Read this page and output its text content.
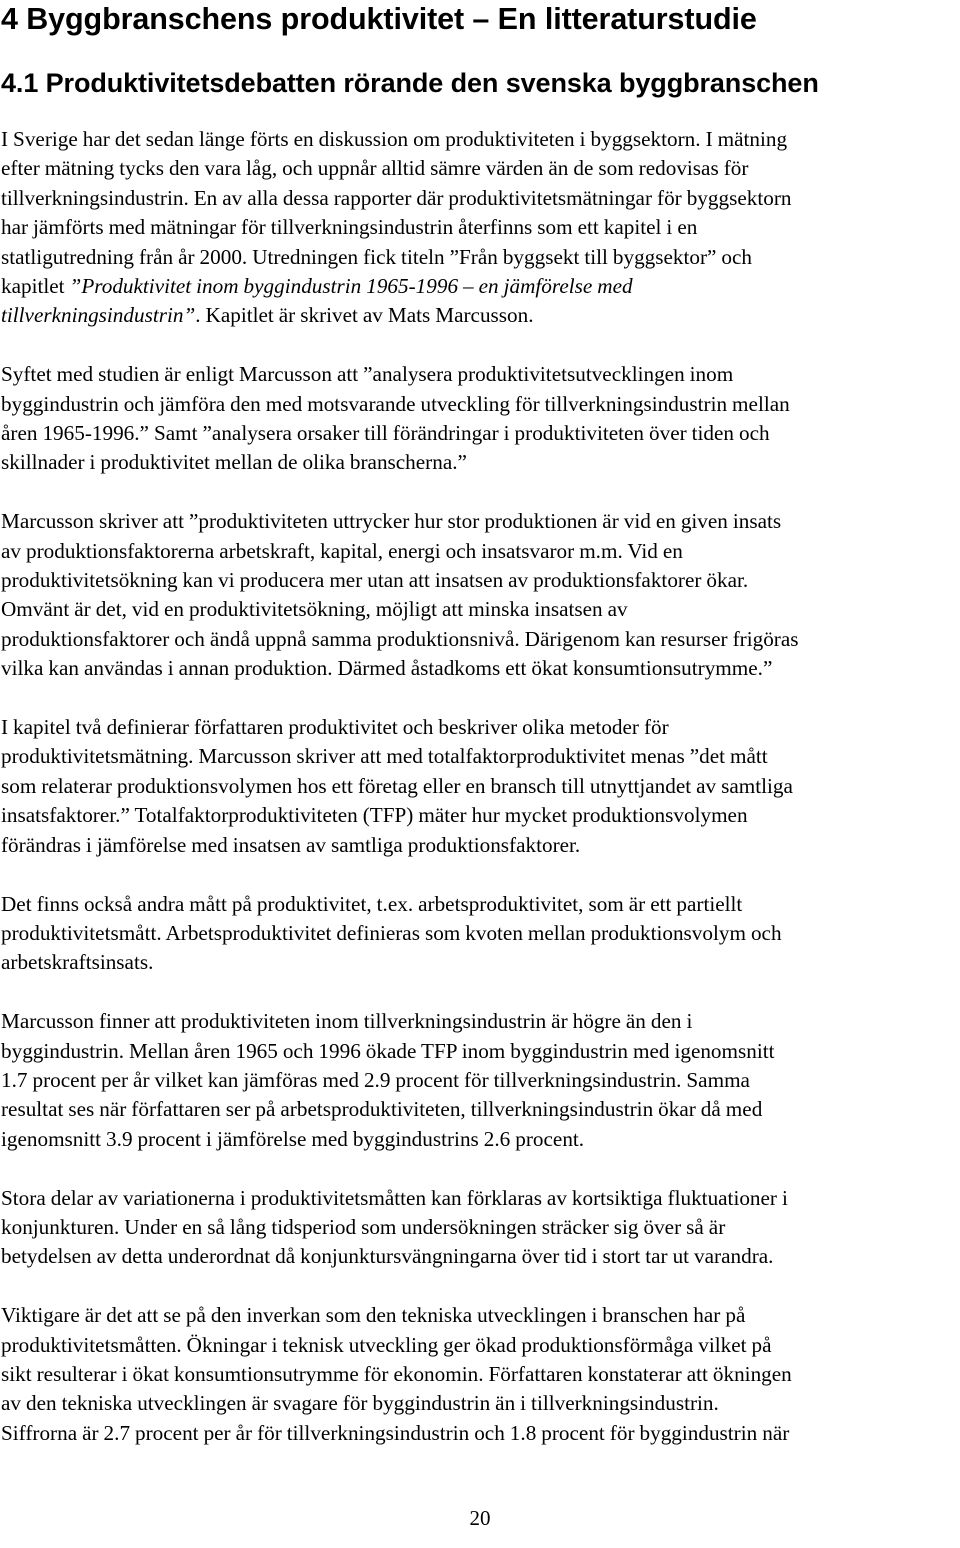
4 Byggbranschens produktivitet – En litteraturstudie
4.1 Produktivitetsdebatten rörande den svenska byggbranschen

I Sverige har det sedan länge förts en diskussion om produktiviteten i byggsektorn. I mätning
efter mätning tycks den vara låg, och uppnår alltid sämre värden än de som redovisas för
tillverkningsindustrin. En av alla dessa rapporter där produktivitetsmätningar för byggsektorn
har jämförts med mätningar för tillverkningsindustrin återfinns som ett kapitel i en
statligutredning från år 2000. Utredningen fick titeln ”Från byggsekt till byggsektor” och
kapitlet ”Produktivitet inom byggindustrin 1965-1996 – en jämförelse med
tillverkningsindustrin”. Kapitlet är skrivet av Mats Marcusson.

Syftet med studien är enligt Marcusson att ”analysera produktivitetsutvecklingen inom
byggindustrin och jämföra den med motsvarande utveckling för tillverkningsindustrin mellan
åren 1965-1996.” Samt ”analysera orsaker till förändringar i produktiviteten över tiden och
skillnader i produktivitet mellan de olika branscherna.”

Marcusson skriver att ”produktiviteten uttrycker hur stor produktionen är vid en given insats
av produktionsfaktorerna arbetskraft, kapital, energi och insatsvaror m.m. Vid en
produktivitetsökning kan vi producera mer utan att insatsen av produktionsfaktorer ökar.
Omvänt är det, vid en produktivitetsökning, möjligt att minska insatsen av
produktionsfaktorer och ändå uppnå samma produktionsnivå. Därigenom kan resurser frigöras
vilka kan användas i annan produktion. Därmed åstadkoms ett ökat konsumtionsutrymme.”

I kapitel två definierar författaren produktivitet och beskriver olika metoder för
produktivitetsmätning. Marcusson skriver att med totalfaktorproduktivitet menas ”det mått
som relaterar produktionsvolymen hos ett företag eller en bransch till utnyttjandet av samtliga
insatsfaktorer.” Totalfaktorproduktiviteten (TFP) mäter hur mycket produktionsvolymen
förändras i jämförelse med insatsen av samtliga produktionsfaktorer.

Det finns också andra mått på produktivitet, t.ex. arbetsproduktivitet, som är ett partiellt
produktivitetsmått. Arbetsproduktivitet definieras som kvoten mellan produktionsvolym och
arbetskraftsinsats.

Marcusson finner att produktiviteten inom tillverkningsindustrin är högre än den i
byggindustrin. Mellan åren 1965 och 1996 ökade TFP inom byggindustrin med igenomsnitt
1.7 procent per år vilket kan jämföras med 2.9 procent för tillverkningsindustrin. Samma
resultat ses när författaren ser på arbetsproduktiviteten, tillverkningsindustrin ökar då med
igenomsnitt 3.9 procent i jämförelse med byggindustrins 2.6 procent.

Stora delar av variationerna i produktivitetsmåtten kan förklaras av kortsiktiga fluktuationer i
konjunkturen. Under en så lång tidsperiod som undersökningen sträcker sig över så är
betydelsen av detta underordnat då konjunktursvängningarna över tid i stort tar ut varandra.

Viktigare är det att se på den inverkan som den tekniska utvecklingen i branschen har på
produktivitetsmåtten. Ökningar i teknisk utveckling ger ökad produktionsförmåga vilket på
sikt resulterar i ökat konsumtionsutrymme för ekonomin. Författaren konstaterar att ökningen
av den tekniska utvecklingen är svagare för byggindustrin än i tillverkningsindustrin.
Siffrorna är 2.7 procent per år för tillverkningsindustrin och 1.8 procent för byggindustrin när

20
